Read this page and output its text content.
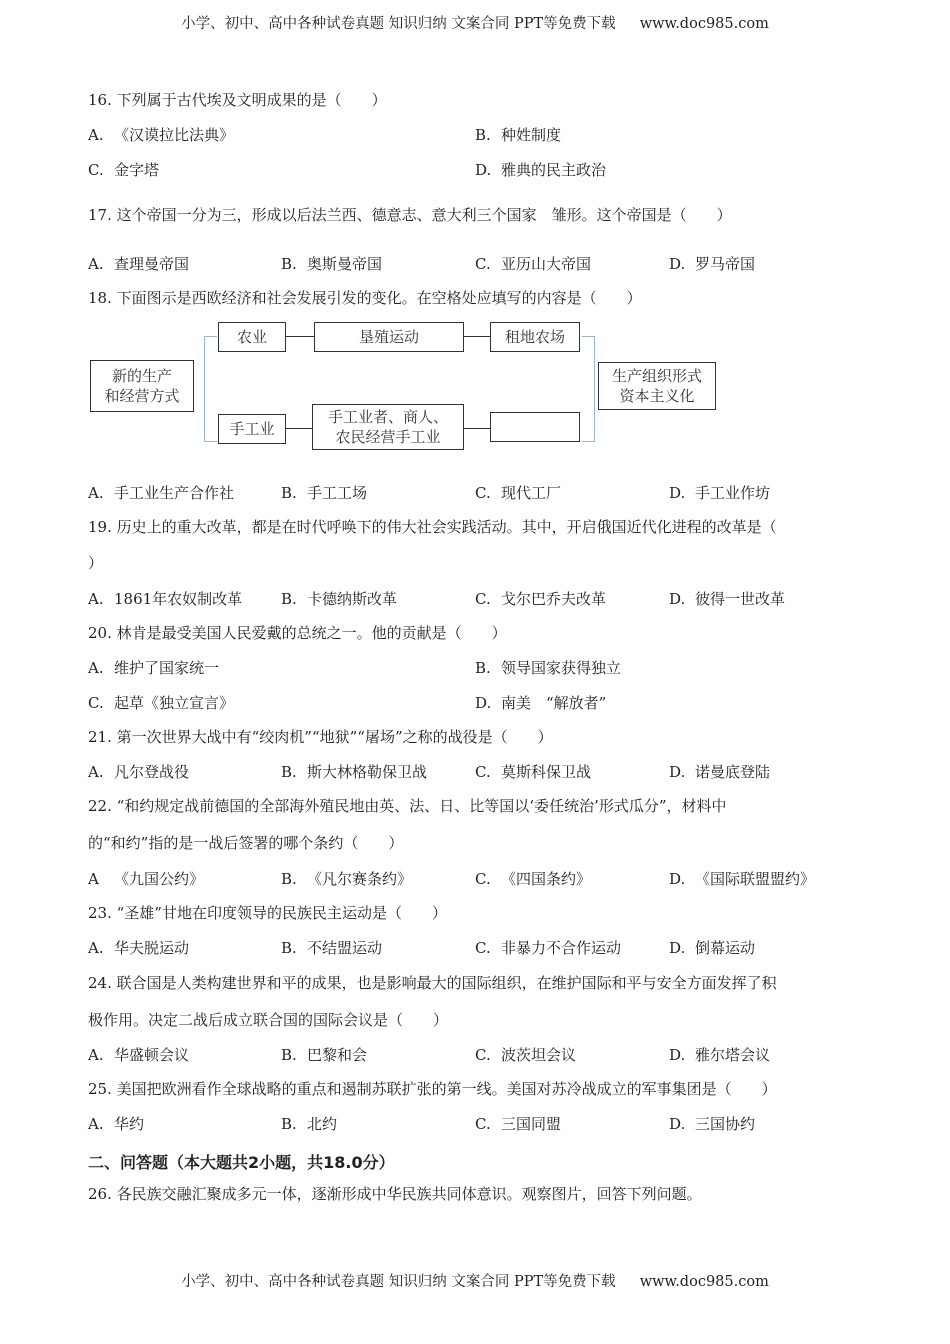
小学、初中、高中各种试卷真题 知识归纳 文案合同 PPT等免费下载 www.doc985.com
16. 下列属于古代埃及文明成果的是（　　）
A. 《汉谟拉比法典》	B. 种姓制度
C. 金字塔	D. 雅典的民主政治
17. 这个帝国一分为三，形成以后法兰西、德意志、意大利三个国家　雏形。这个帝国是（　　）
A. 查理曼帝国	B. 奥斯曼帝国	C. 亚历山大帝国	D. 罗马帝国
18. 下面图示是西欧经济和社会发展引发的变化。在空格处应填写的内容是（　　）
新的生产
和经营方式
农业	垦殖运动	租地农场
手工业
手工业者、商人、
农民经营手工业
生产组织形式
资本主义化
A. 手工业生产合作社	B. 手工工场	C. 现代工厂	D. 手工业作坊
19. 历史上的重大改革，都是在时代呼唤下的伟大社会实践活动。其中，开启俄国近代化进程的改革是（
）
A. 1861年农奴制改革	B. 卡德纳斯改革	C. 戈尔巴乔夫改革	D. 彼得一世改革
20. 林肯是最受美国人民爱戴的总统之一。他的贡献是（　　）
A. 维护了国家统一	B. 领导国家获得独立
C. 起草《独立宣言》	D. 南美　“解放者”
21. 第一次世界大战中有“绞肉机”“地狱”“屠场”之称的战役是（　　）
A. 凡尔登战役	B. 斯大林格勒保卫战	C. 莫斯科保卫战	D. 诺曼底登陆
22. “和约规定战前德国的全部海外殖民地由英、法、日、比等国以‘委任统治’形式瓜分”，材料中
的“和约”指的是一战后签署的哪个条约（　　）
A 《九国公约》	B. 《凡尔赛条约》	C. 《四国条约》	D. 《国际联盟盟约》
23. “圣雄”甘地在印度领导的民族民主运动是（　　）
A. 华夫脱运动	B. 不结盟运动	C. 非暴力不合作运动	D. 倒幕运动
24. 联合国是人类构建世界和平的成果，也是影响最大的国际组织，在维护国际和平与安全方面发挥了积
极作用。决定二战后成立联合国的国际会议是（　　）
A. 华盛顿会议	B. 巴黎和会	C. 波茨坦会议	D. 雅尔塔会议
25. 美国把欧洲看作全球战略的重点和遏制苏联扩张的第一线。美国对苏冷战成立的军事集团是（　　）
A. 华约	B. 北约	C. 三国同盟	D. 三国协约
二、问答题（本大题共2小题，共18.0分）
26. 各民族交融汇聚成多元一体，逐渐形成中华民族共同体意识。观察图片，回答下列问题。
小学、初中、高中各种试卷真题 知识归纳 文案合同 PPT等免费下载 www.doc985.com
